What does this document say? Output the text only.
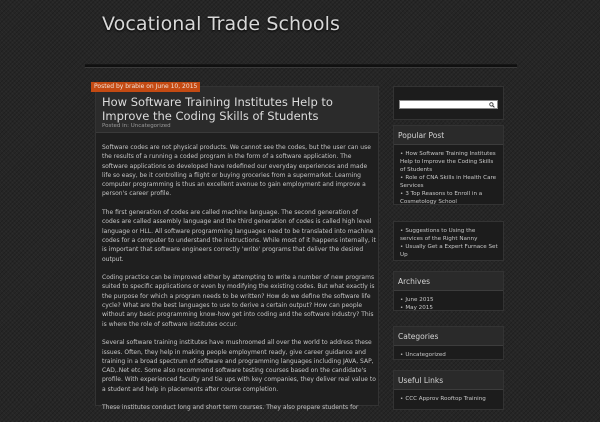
Vocational Trade Schools
Posted by brabie on June 10, 2015
How Software Training Institutes Help to Improve the Coding Skills of Students
Posted in: Uncategorized

Software codes are not physical products. We cannot see the codes, but the user can use the results of a running a coded program in the form of a software application. The software applications so developed have redefined our everyday experiences and made life so easy, be it controlling a flight or buying groceries from a supermarket. Learning computer programming is thus an excellent avenue to gain employment and improve a person's career profile.

The first generation of codes are called machine language. The second generation of codes are called assembly language and the third generation of codes is called high level language or HLL. All software programming languages need to be translated into machine codes for a computer to understand the instructions. While most of it happens internally, it is important that software engineers correctly 'write' programs that deliver the desired output.

Coding practice can be improved either by attempting to write a number of new programs suited to specific applications or even by modifying the existing codes. But what exactly is the purpose for which a program needs to be written? How do we define the software life cycle? What are the best languages to use to derive a certain output? How can people without any basic programming know-how get into coding and the software industry? This is where the role of software institutes occur.

Several software training institutes have mushroomed all over the world to address these issues. Often, they help in making people employment ready, give career guidance and training in a broad spectrum of software and programming languages including JAVA, SAP, CAD,.Net etc. Some also recommend software testing courses based on the candidate's profile. With experienced faculty and tie ups with key companies, they deliver real value to a student and help in placements after course completion.

These institutes conduct long and short term courses. They also prepare students for

Popular Post
• How Software Training Institutes Help to Improve the Coding Skills of Students
• Role of CNA Skills in Health Care Services
• 3 Top Reasons to Enroll in a Cosmetology School
• Suggestions to Using the services of the Right Nanny
• Usually Get a Expert Furnace Set Up
Archives
• June 2015
• May 2015
Categories
• Uncategorized
Useful Links
• CCC Approv Rooftop Training
